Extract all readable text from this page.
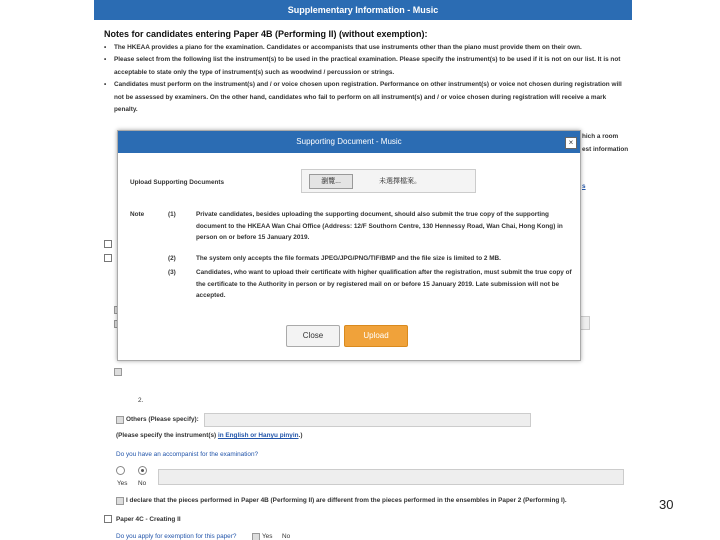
Supplementary Information - Music
Notes for candidates entering Paper 4B (Performing II) (without exemption):
• The HKEAA provides a piano for the examination. Candidates or accompanists that use instruments other than the piano must provide them on their own.
• Please select from the following list the instrument(s) to be used in the practical examination. Please specify the instrument(s) to be used if it is not on our list. It is not acceptable to state only the type of instrument(s) such as woodwind / percussion or strings.
• Candidates must perform on the instrument(s) and / or voice chosen upon registration. Performance on other instrument(s) or voice not chosen during registration will not be assessed by examiners. On the other hand, candidates who fail to perform on all instrument(s) and / or voice chosen during registration will receive a mark penalty.
hich a room
est information
s
2.
Others (Please specify):
(Please specify the instrument(s) in English or Hanyu pinyin.)
Do you have an accompanist for the examination?
Yes No
I declare that the pieces performed in Paper 4B (Performing II) are different from the pieces performed in the ensembles in Paper 2 (Performing I).
Paper 4C - Creating II
Do you apply for exemption for this paper?	Yes No
Supporting Document - Music	×
Upload Supporting Documents	瀏覽...	未選擇檔案。
Note	(1)	Private candidates, besides uploading the supporting document, should also submit the true copy of the supporting document to the HKEAA Wan Chai Office (Address: 12/F Southorn Centre, 130 Hennessy Road, Wan Chai, Hong Kong) in person on or before 15 January 2019.
(2)	The system only accepts the file formats JPEG/JPG/PNG/TIF/BMP and the file size is limited to 2 MB.
(3)	Candidates, who want to upload their certificate with higher qualification after the registration, must submit the true copy of the certificate to the Authority in person or by registered mail on or before 15 January 2019. Late submission will not be accepted.
Close	Upload
30
